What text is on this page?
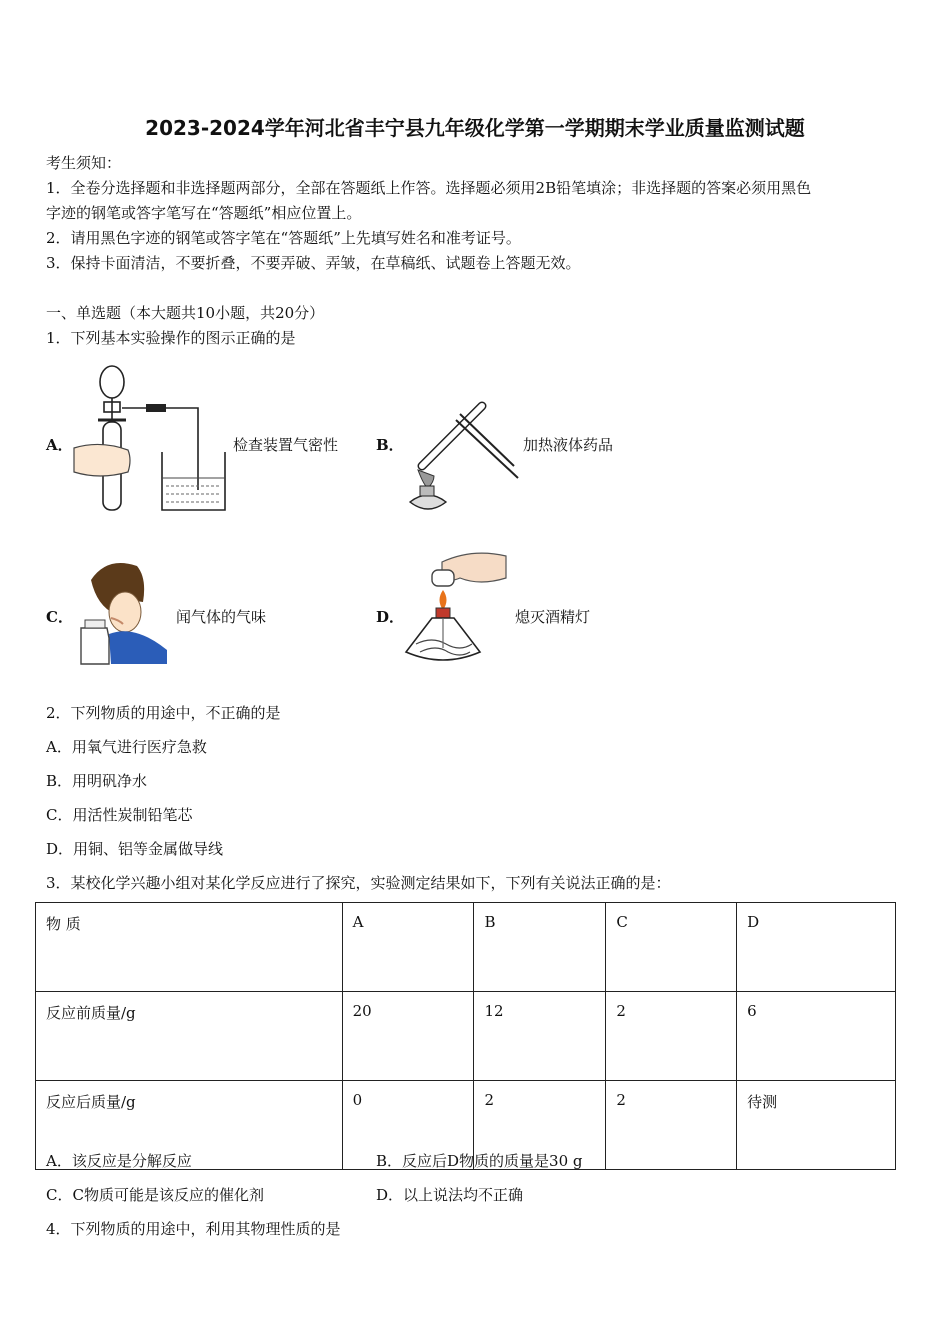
2023-2024学年河北省丰宁县九年级化学第一学期期末学业质量监测试题
考生须知：
1．全卷分选择题和非选择题两部分，全部在答题纸上作答。选择题必须用2B铅笔填涂；非选择题的答案必须用黑色
字迹的钢笔或答字笔写在“答题纸”相应位置上。
2．请用黑色字迹的钢笔或答字笔在“答题纸”上先填写姓名和准考证号。
3．保持卡面清洁，不要折叠，不要弄破、弄皱，在草稿纸、试题卷上答题无效。
一、单选题（本大题共10小题，共20分）
1．下列基本实验操作的图示正确的是
A．	检查装置气密性	B．	加热液体药品
C．	闻气体的气味	D．	熄灭酒精灯
2．下列物质的用途中，不正确的是
A．用氧气进行医疗急救
B．用明矾净水
C．用活性炭制铅笔芯
D．用铜、铝等金属做导线
3．某校化学兴趣小组对某化学反应进行了探究，实验测定结果如下，下列有关说法正确的是：
物 质	A	B	C	D
反应前质量/g	20	12	2	6
反应后质量/g	0	2	2	待测
A．该反应是分解反应	B．反应后D物质的质量是30 g
C．C物质可能是该反应的催化剂	D．以上说法均不正确
4．下列物质的用途中，利用其物理性质的是
